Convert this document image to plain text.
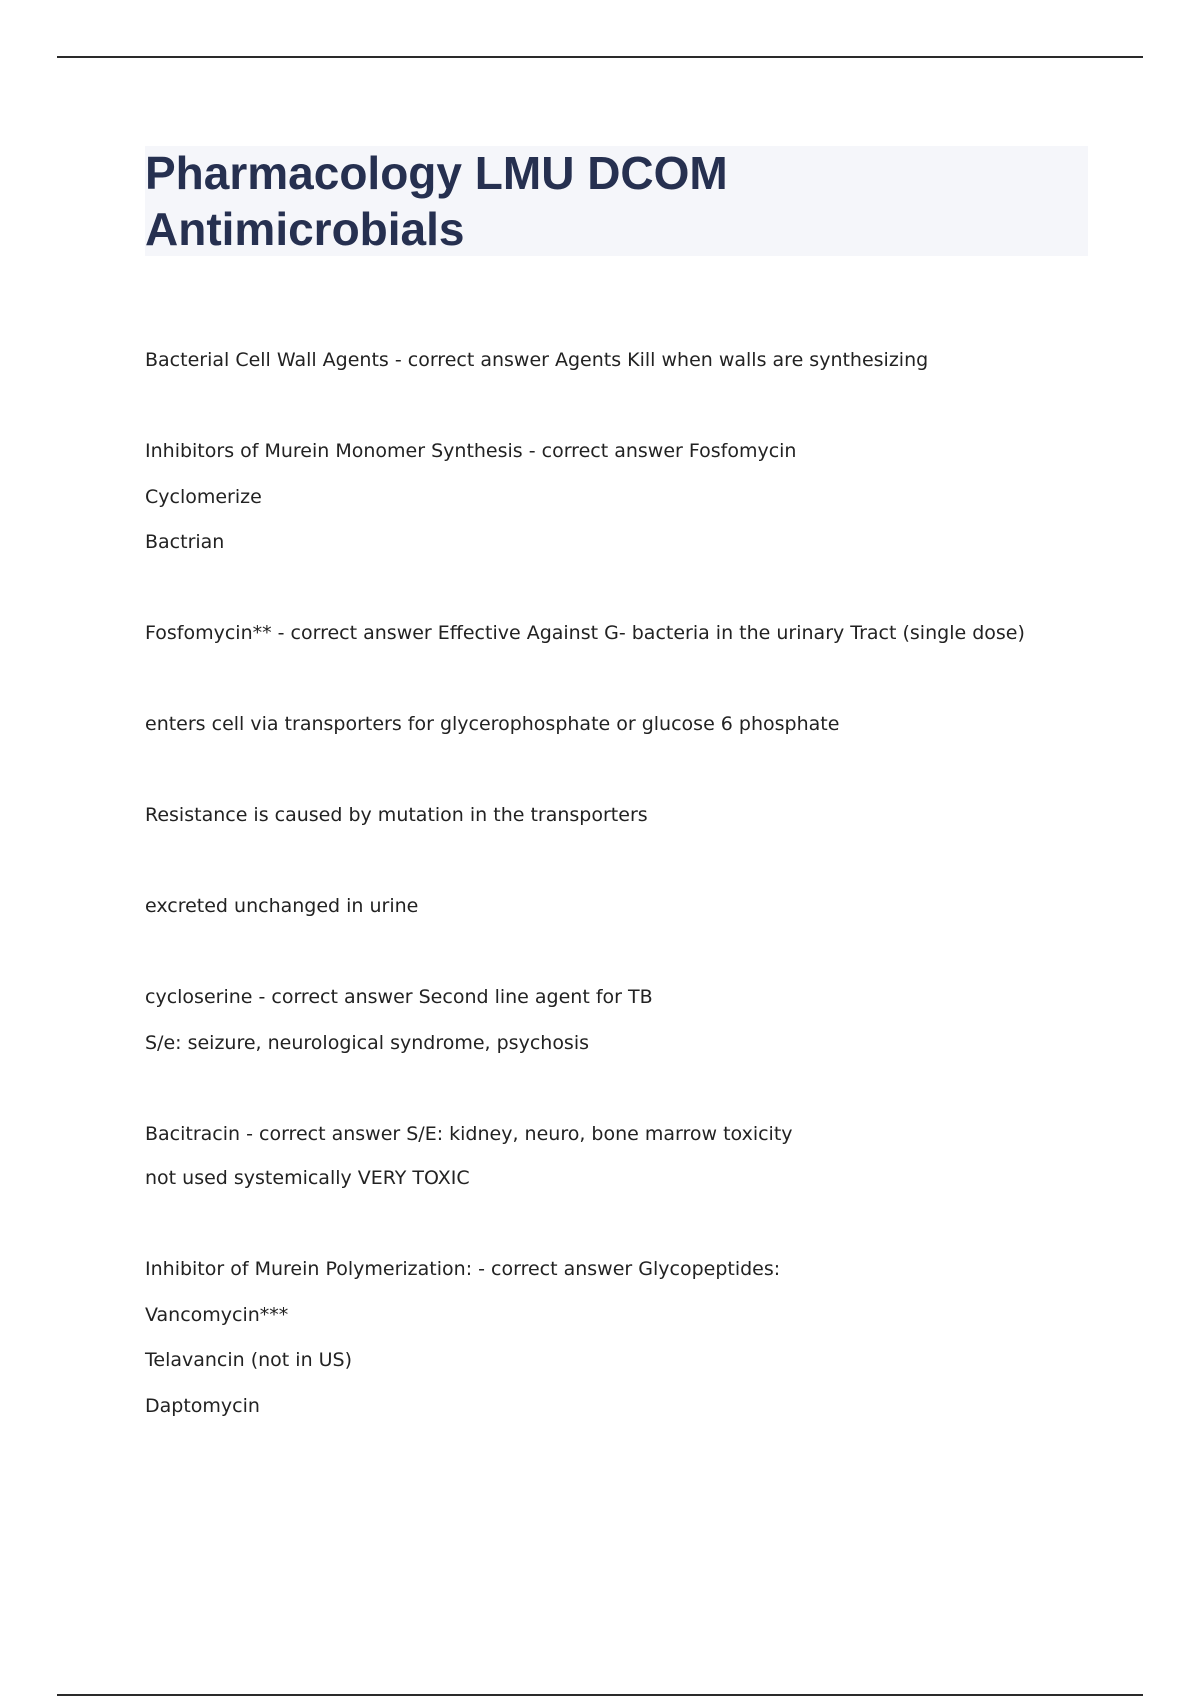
Pharmacology LMU DCOM
Antimicrobials
Bacterial Cell Wall Agents - correct answer Agents Kill when walls are synthesizing
Inhibitors of Murein Monomer Synthesis - correct answer Fosfomycin
Cyclomerize
Bactrian
Fosfomycin** - correct answer Effective Against G- bacteria in the urinary Tract (single dose)
enters cell via transporters for glycerophosphate or glucose 6 phosphate
Resistance is caused by mutation in the transporters
excreted unchanged in urine
cycloserine - correct answer Second line agent for TB
S/e: seizure, neurological syndrome, psychosis
Bacitracin - correct answer S/E: kidney, neuro, bone marrow toxicity
not used systemically VERY TOXIC
Inhibitor of Murein Polymerization: - correct answer Glycopeptides:
Vancomycin***
Telavancin (not in US)
Daptomycin
